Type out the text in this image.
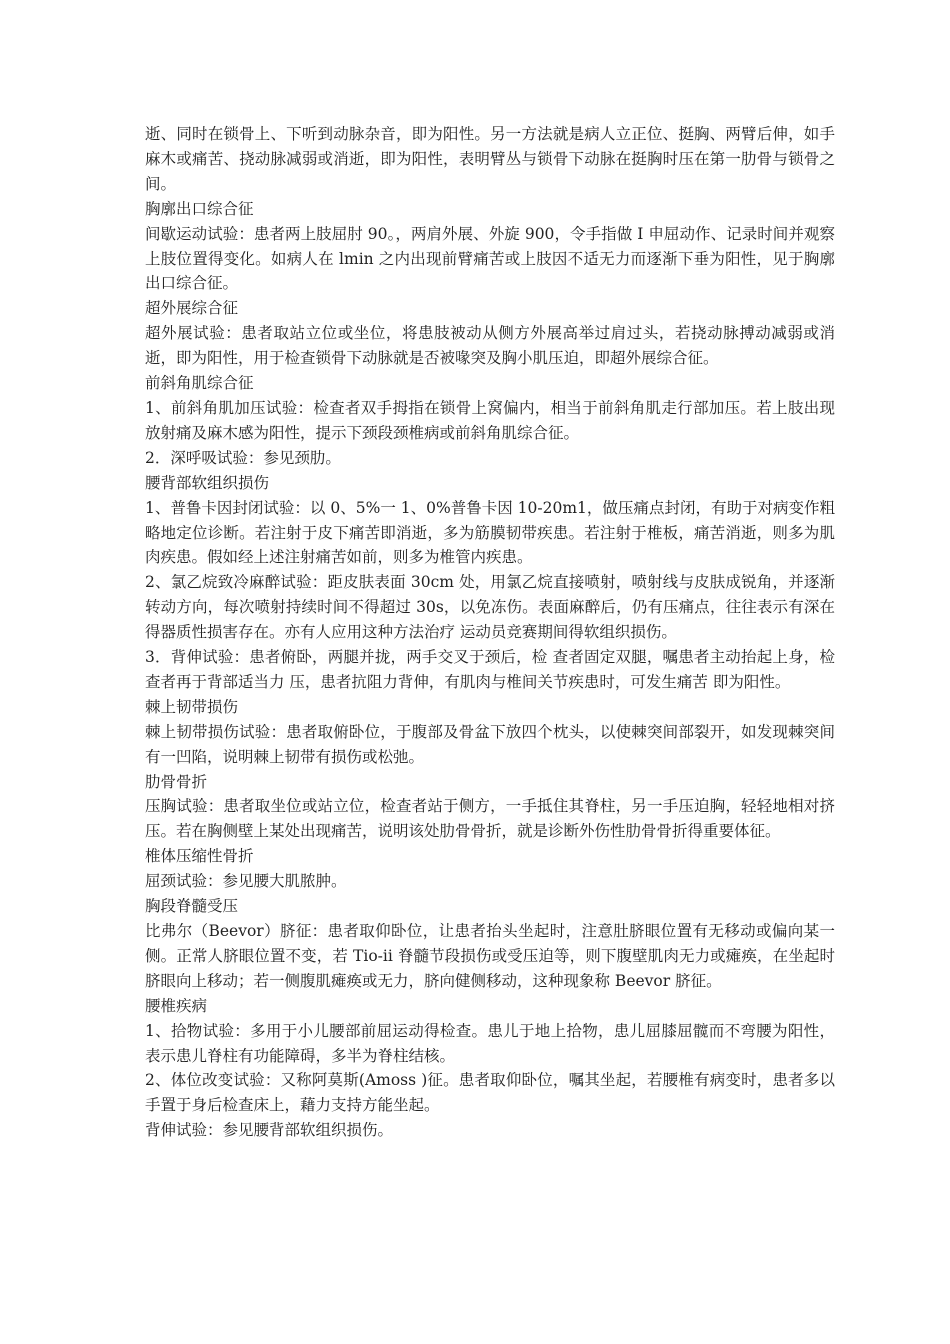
逝、同时在锁骨上、下听到动脉杂音，即为阳性。另一方法就是病人立正位、挺胸、两臂后伸，如手麻木或痛苦、挠动脉减弱或消逝，即为阳性，表明臂丛与锁骨下动脉在挺胸时压在第一肋骨与锁骨之间。

胸廓出口综合征

间歇运动试验：患者两上肢屈肘 90。，两肩外展、外旋 900，令手指做 I 申屈动作、记录时间并观察上肢位置得变化。如病人在 lmin 之内出现前臂痛苦或上肢因不适无力而逐渐下垂为阳性，见于胸廓出口综合征。

超外展综合征

超外展试验：患者取站立位或坐位，将患肢被动从侧方外展高举过肩过头，若挠动脉搏动减弱或消逝，即为阳性，用于检查锁骨下动脉就是否被喙突及胸小肌压迫，即超外展综合征。

前斜角肌综合征

1、前斜角肌加压试验：检查者双手拇指在锁骨上窝偏内，相当于前斜角肌走行部加压。若上肢出现放射痛及麻木感为阳性，提示下颈段颈椎病或前斜角肌综合征。

2．深呼吸试验：参见颈肋。

腰背部软组织损伤

1、普鲁卡因封闭试验：以 0、5%一 1、0%普鲁卡因 10-20m1，做压痛点封闭，有助于对病变作粗略地定位诊断。若注射于皮下痛苦即消逝，多为筋膜韧带疾患。若注射于椎板，痛苦消逝，则多为肌肉疾患。假如经上述注射痛苦如前，则多为椎管内疾患。

2、氯乙烷致冷麻醉试验：距皮肤表面 30cm 处，用氯乙烷直接喷射，喷射线与皮肤成锐角，并逐渐转动方向，每次喷射持续时间不得超过 30s，以免冻伤。表面麻醉后，仍有压痛点，往往表示有深在得器质性损害存在。亦有人应用这种方法治疗 运动员竞赛期间得软组织损伤。

3．背伸试验：患者俯卧，两腿并拢，两手交叉于颈后，检 查者固定双腿，嘱患者主动抬起上身，检查者再于背部适当力 压，患者抗阻力背伸，有肌肉与椎间关节疾患时，可发生痛苦 即为阳性。

棘上韧带损伤

棘上韧带损伤试验：患者取俯卧位，于腹部及骨盆下放四个枕头，以使棘突间部裂开，如发现棘突间有一凹陷，说明棘上韧带有损伤或松弛。

肋骨骨折

压胸试验：患者取坐位或站立位，检查者站于侧方，一手抵住其脊柱，另一手压迫胸，轻轻地相对挤压。若在胸侧壁上某处出现痛苦，说明该处肋骨骨折，就是诊断外伤性肋骨骨折得重要体征。

椎体压缩性骨折

屈颈试验：参见腰大肌脓肿。

胸段脊髓受压

比弗尔（Beevor）脐征：患者取仰卧位，让患者抬头坐起时，注意肚脐眼位置有无移动或偏向某一侧。正常人脐眼位置不变，若 Tio-ii 脊髓节段损伤或受压迫等，则下腹壁肌肉无力或瘫痪，在坐起时脐眼向上移动；若一侧腹肌瘫痪或无力，脐向健侧移动，这种现象称 Beevor 脐征。

腰椎疾病

1、拾物试验：多用于小儿腰部前屈运动得检查。患儿于地上拾物，患儿屈膝屈髋而不弯腰为阳性，表示患儿脊柱有功能障碍，多半为脊柱结核。

2、体位改变试验：又称阿莫斯(Amoss )征。患者取仰卧位，嘱其坐起，若腰椎有病变时，患者多以手置于身后检查床上，藉力支持方能坐起。

背伸试验：参见腰背部软组织损伤。
